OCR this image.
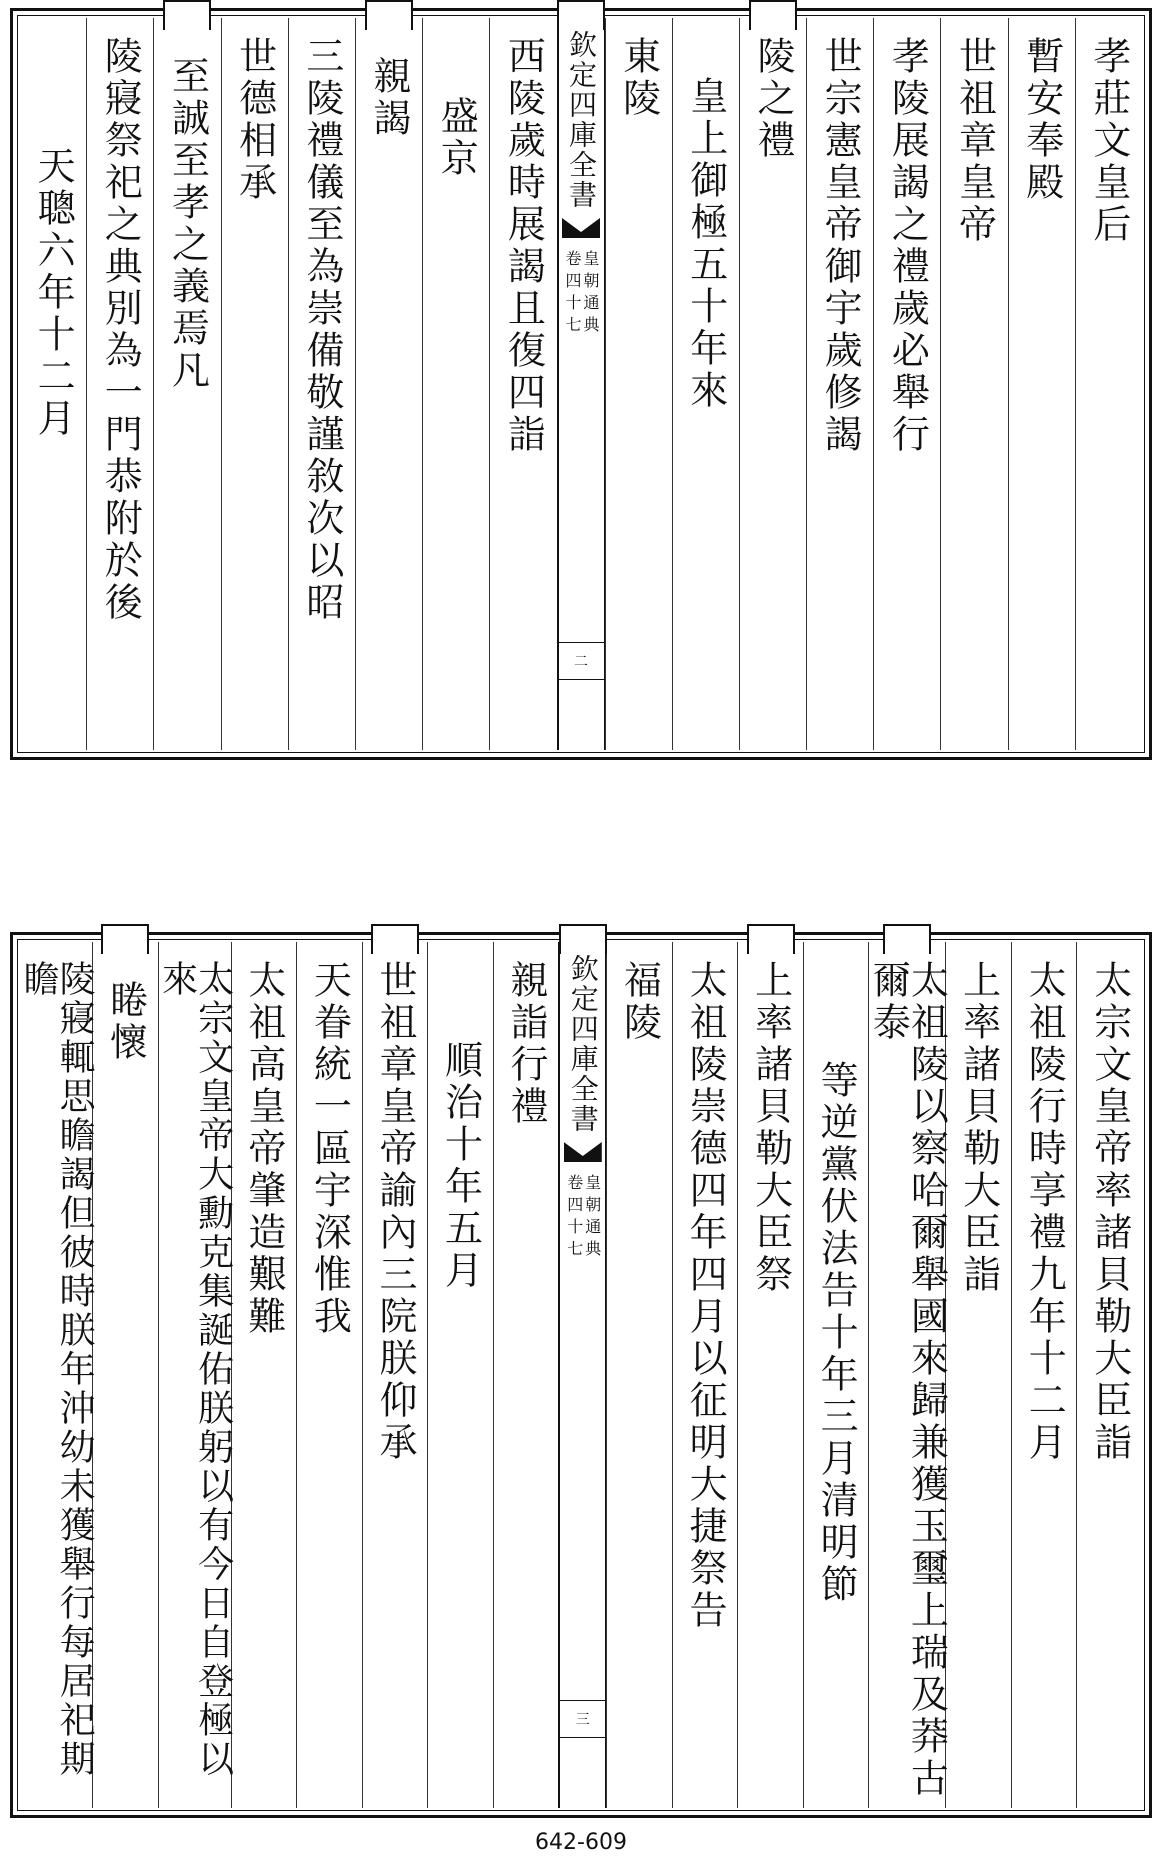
孝莊文皇后
暫安奉殿
世祖章皇帝
孝陵展謁之禮歲必舉行
世宗憲皇帝御宇歲修謁
陵之禮
皇上御極五十年來
東陵
欽定四庫全書
皇朝通典
卷四十七
二
西陵歲時展謁且復四詣
盛京
親謁
三陵禮儀至為崇備敬謹敘次以昭
世德相承
至誠至孝之義焉凡
陵寢祭祀之典別為一門恭附於後
天聰六年十二月
太宗文皇帝率諸貝勒大臣詣
太祖陵行時享禮九年十二月
上率諸貝勒大臣詣
太祖陵以察哈爾舉國來歸兼獲玉璽上瑞及莽古爾泰
等逆黨伏法告十年三月清明節
上率諸貝勒大臣祭
太祖陵崇德四年四月以征明大捷祭告
福陵
欽定四庫全書
皇朝通典
卷四十七
三
親詣行禮
順治十年五月
世祖章皇帝諭內三院朕仰承
天眷統一區宇深惟我
太祖高皇帝肇造艱難
太宗文皇帝大勳克集誕佑朕躬以有今日自登極以來
睠懷
陵寢輒思瞻謁但彼時朕年沖幼未獲舉行每居祀期瞻
642-609
